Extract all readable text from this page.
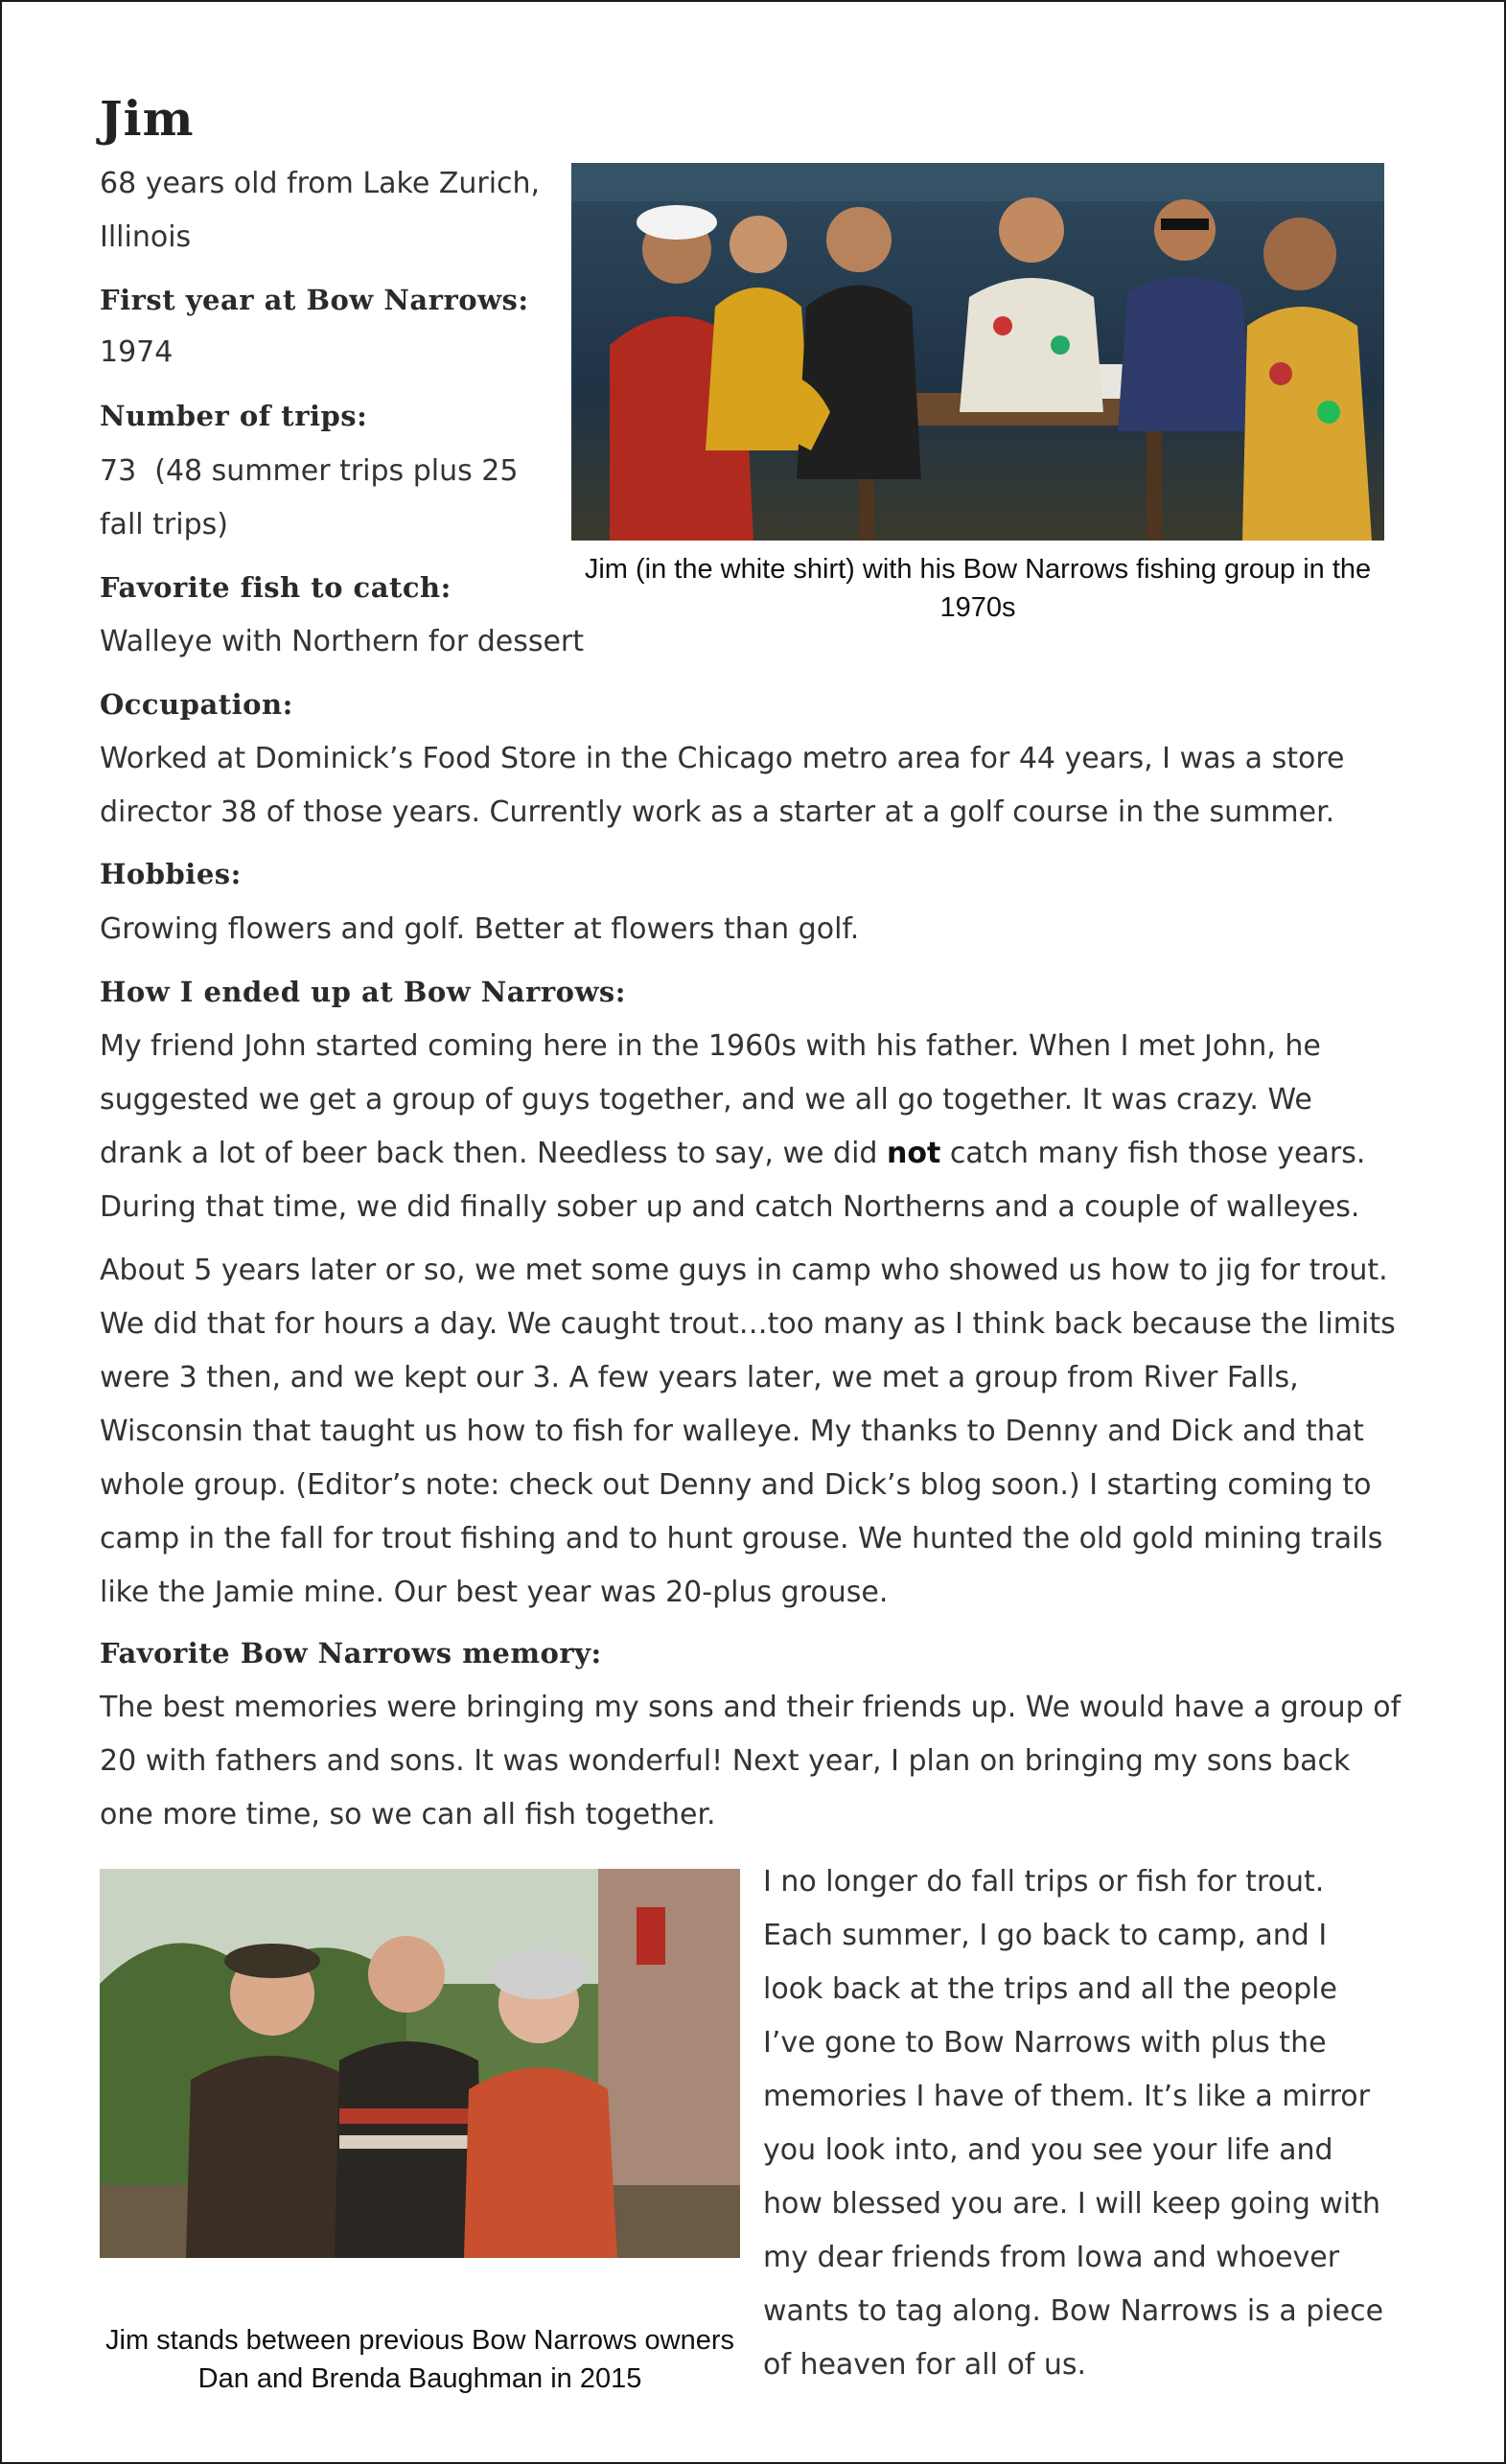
Jim
68 years old from Lake Zurich, Illinois
First year at Bow Narrows:
1974
Number of trips:
73  (48 summer trips plus 25 fall trips)
Favorite fish to catch:
Walleye with Northern for dessert
Jim (in the white shirt) with his Bow Narrows fishing group in the 1970s
Occupation:
Worked at Dominick’s Food Store in the Chicago metro area for 44 years, I was a store director 38 of those years. Currently work as a starter at a golf course in the summer.
Hobbies:
Growing flowers and golf. Better at flowers than golf.
How I ended up at Bow Narrows:
My friend John started coming here in the 1960s with his father. When I met John, he suggested we get a group of guys together, and we all go together. It was crazy. We drank a lot of beer back then. Needless to say, we did not catch many fish those years. During that time, we did finally sober up and catch Northerns and a couple of walleyes.
About 5 years later or so, we met some guys in camp who showed us how to jig for trout. We did that for hours a day. We caught trout…too many as I think back because the limits were 3 then, and we kept our 3. A few years later, we met a group from River Falls, Wisconsin that taught us how to fish for walleye. My thanks to Denny and Dick and that whole group. (Editor’s note: check out Denny and Dick’s blog soon.) I starting coming to camp in the fall for trout fishing and to hunt grouse. We hunted the old gold mining trails like the Jamie mine. Our best year was 20-plus grouse.
Favorite Bow Narrows memory:
The best memories were bringing my sons and their friends up. We would have a group of 20 with fathers and sons. It was wonderful! Next year, I plan on bringing my sons back one more time, so we can all fish together.
Jim stands between previous Bow Narrows owners Dan and Brenda Baughman in 2015
I no longer do fall trips or fish for trout. Each summer, I go back to camp, and I look back at the trips and all the people I’ve gone to Bow Narrows with plus the memories I have of them. It’s like a mirror you look into, and you see your life and how blessed you are. I will keep going with my dear friends from Iowa and whoever wants to tag along. Bow Narrows is a piece of heaven for all of us.
